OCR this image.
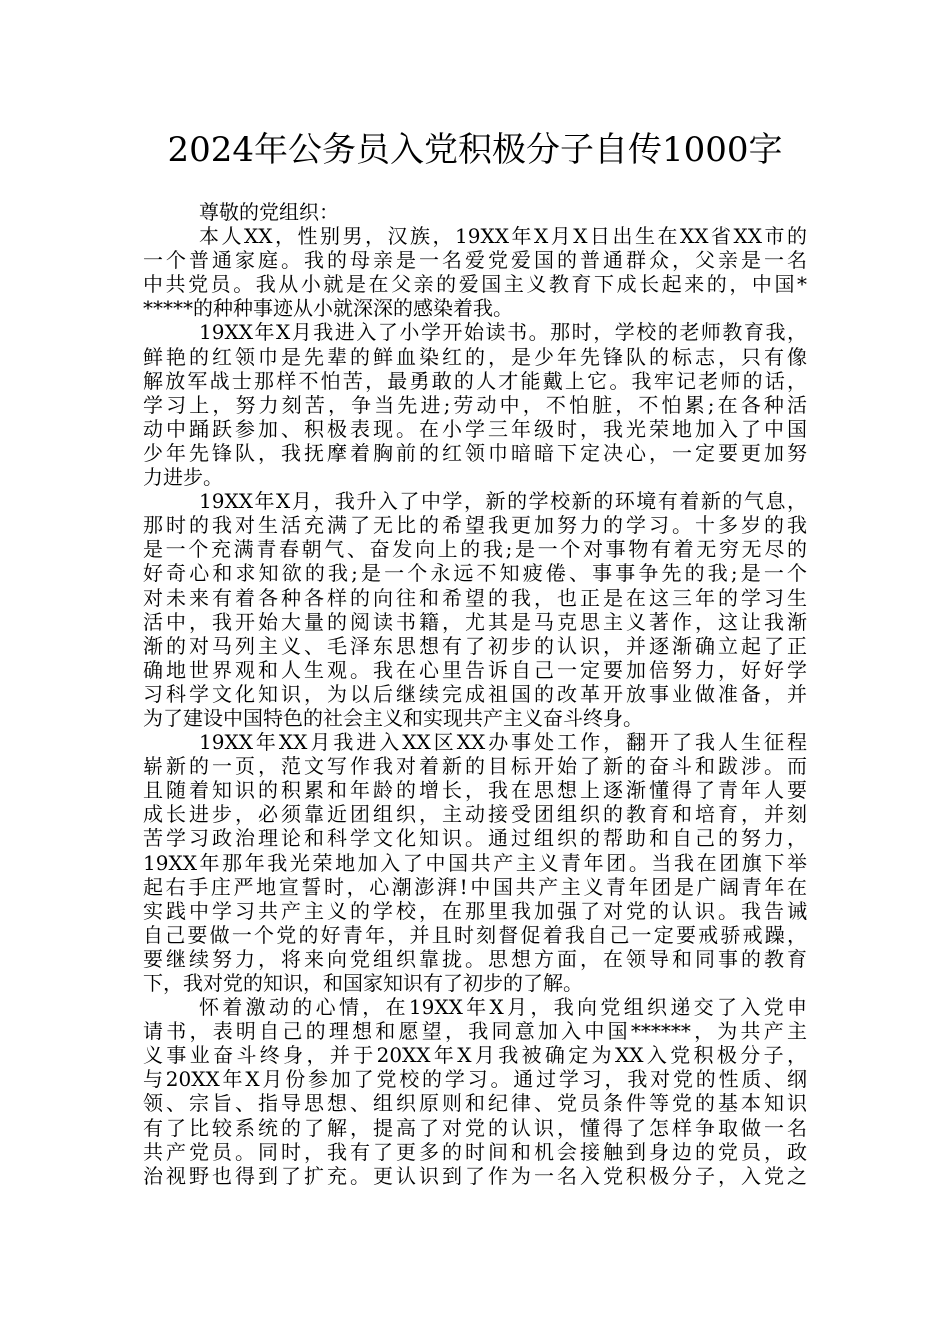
2024年公务员入党积极分子自传1000字
尊敬的党组织：
本人XX，性别男，汉族，19XX年X月X日出生在XX省XX市的
一个普通家庭。我的母亲是一名爱党爱国的普通群众，父亲是一名
中共党员。我从小就是在父亲的爱国主义教育下成长起来的，中国*
*****的种种事迹从小就深深的感染着我。
19XX年X月我进入了小学开始读书。那时，学校的老师教育我，
鲜艳的红领巾是先辈的鲜血染红的，是少年先锋队的标志，只有像
解放军战士那样不怕苦，最勇敢的人才能戴上它。我牢记老师的话，
学习上，努力刻苦，争当先进;劳动中，不怕脏，不怕累;在各种活
动中踊跃参加、积极表现。在小学三年级时，我光荣地加入了中国
少年先锋队，我抚摩着胸前的红领巾暗暗下定决心，一定要更加努
力进步。
19XX年X月，我升入了中学，新的学校新的环境有着新的气息，
那时的我对生活充满了无比的希望我更加努力的学习。十多岁的我
是一个充满青春朝气、奋发向上的我;是一个对事物有着无穷无尽的
好奇心和求知欲的我;是一个永远不知疲倦、事事争先的我;是一个
对未来有着各种各样的向往和希望的我，也正是在这三年的学习生
活中，我开始大量的阅读书籍，尤其是马克思主义著作，这让我渐
渐的对马列主义、毛泽东思想有了初步的认识，并逐渐确立起了正
确地世界观和人生观。我在心里告诉自己一定要加倍努力，好好学
习科学文化知识，为以后继续完成祖国的改革开放事业做准备，并
为了建设中国特色的社会主义和实现共产主义奋斗终身。
19XX年XX月我进入XX区XX办事处工作，翻开了我人生征程
崭新的一页，范文写作我对着新的目标开始了新的奋斗和跋涉。而
且随着知识的积累和年龄的增长，我在思想上逐渐懂得了青年人要
成长进步，必须靠近团组织，主动接受团组织的教育和培育，并刻
苦学习政治理论和科学文化知识。通过组织的帮助和自己的努力，
19XX年那年我光荣地加入了中国共产主义青年团。当我在团旗下举
起右手庄严地宣誓时，心潮澎湃!中国共产主义青年团是广阔青年在
实践中学习共产主义的学校，在那里我加强了对党的认识。我告诫
自己要做一个党的好青年，并且时刻督促着我自己一定要戒骄戒躁，
要继续努力，将来向党组织靠拢。思想方面，在领导和同事的教育
下，我对党的知识，和国家知识有了初步的了解。
怀着激动的心情，在19XX年X月，我向党组织递交了入党申
请书，表明自己的理想和愿望，我同意加入中国******，为共产主
义事业奋斗终身，并于20XX年X月我被确定为XX入党积极分子，
与20XX年X月份参加了党校的学习。通过学习，我对党的性质、纲
领、宗旨、指导思想、组织原则和纪律、党员条件等党的基本知识
有了比较系统的了解，提高了对党的认识，懂得了怎样争取做一名
共产党员。同时，我有了更多的时间和机会接触到身边的党员，政
治视野也得到了扩充。更认识到了作为一名入党积极分子，入党之
